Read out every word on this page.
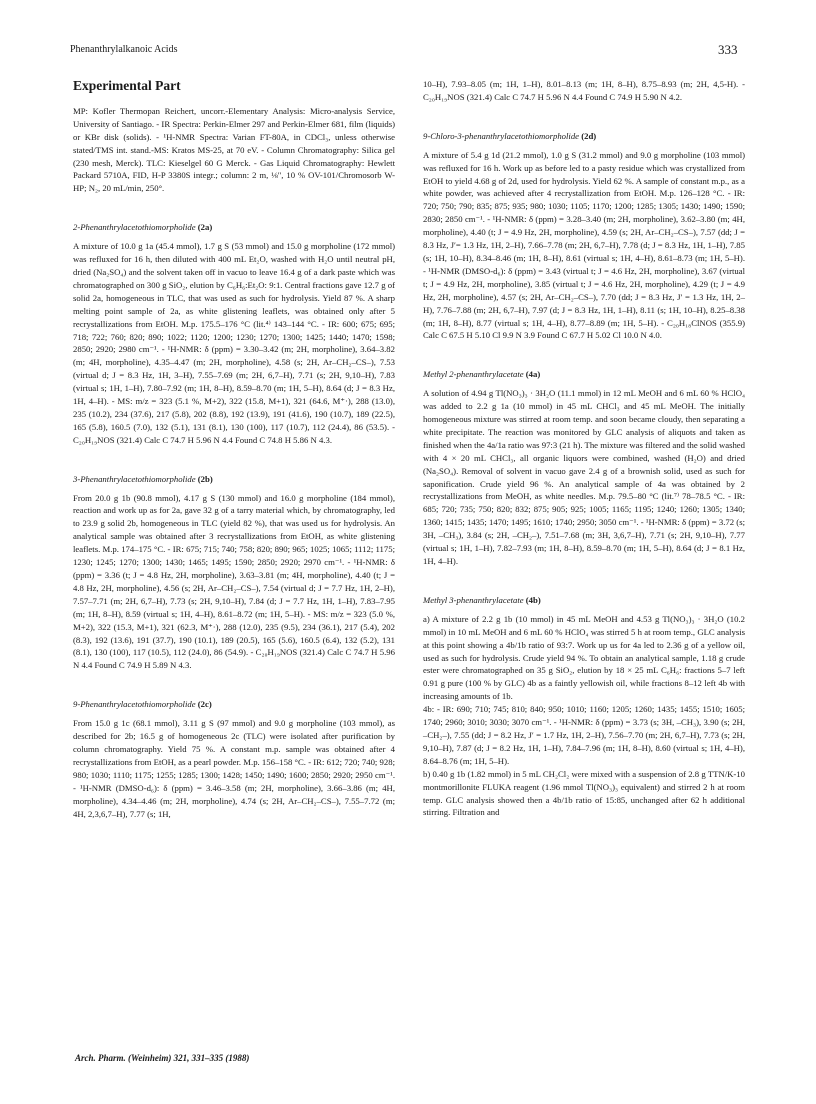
Phenanthrylalkanoic Acids	333
Experimental Part

MP: Kofler Thermopan Reichert, uncorr.-Elementary Analysis: Micro-analysis Service, University of Santiago. - IR Spectra: Perkin-Elmer 297 and Perkin-Elmer 681, film (liquids) or KBr disk (solids). - ¹H-NMR Spectra: Varian FT-80A, in CDCl₃, unless otherwise stated/TMS int. stand.-MS: Kratos MS-25, at 70 eV. - Column Chromatography: Silica gel (230 mesh, Merck). TLC: Kieselgel 60 G Merck. - Gas Liquid Chromatography: Hewlett Packard 5710A, FID, H-P 3380S integr.; column: 2 m, ⅛", 10 % OV-101/Chromosorb W-HP; N₂, 20 mL/min, 250°.

2-Phenanthrylacetothiomorpholide (2a)

A mixture of 10.0 g 1a (45.4 mmol), 1.7 g S (53 mmol) and 15.0 g morpholine (172 mmol) was refluxed for 16 h, then diluted with 400 mL Et₂O, washed with H₂O until neutral pH, dried (Na₂SO₄) and the solvent taken off in vacuo to leave 16.4 g of a dark paste which was chromatographed on 300 g SiO₂, elution by C₆H₆:Et₂O: 9:1. Central fractions gave 12.7 g of solid 2a, homogeneous in TLC, that was used as such for hydrolysis. Yield 87 %. A sharp melting point sample of 2a, as white glistening leaflets, was obtained only after 5 recrystallizations from EtOH. M.p. 175.5–176 °C (lit.⁴⁾ 143–144 °C. - IR: 600; 675; 695; 718; 722; 760; 820; 890; 1022; 1120; 1200; 1230; 1270; 1300; 1425; 1440; 1470; 1598; 2850; 2920; 2980 cm⁻¹. - ¹H-NMR: δ (ppm) = 3.30–3.42 (m; 2H, morpholine), 3.64–3.82 (m; 4H, morpholine), 4.35–4.47 (m; 2H, morpholine), 4.58 (s; 2H, Ar–CH₂–CS–), 7.53 (virtual d; J = 8.3 Hz, 1H, 3–H), 7.55–7.69 (m; 2H, 6,7–H), 7.71 (s; 2H, 9,10–H), 7.83 (virtual s; 1H, 1–H), 7.80–7.92 (m; 1H, 8–H), 8.59–8.70 (m; 1H, 5–H), 8.64 (d; J = 8.3 Hz, 1H, 4–H). - MS: m/z = 323 (5.1 %, M+2), 322 (15.8, M+1), 321 (64.6, M⁺·), 288 (13.0), 235 (10.2), 234 (37.6), 217 (5.8), 202 (8.8), 192 (13.9), 191 (41.6), 190 (10.7), 189 (22.5), 165 (5.8), 160.5 (7.0), 132 (5.1), 131 (8.1), 130 (100), 117 (10.7), 112 (24.4), 86 (53.5). - C₂₀H₁₉NOS (321.4) Calc C 74.7 H 5.96 N 4.4 Found C 74.8 H 5.86 N 4.3.

3-Phenanthrylacetothiomorpholide (2b)

From 20.0 g 1b (90.8 mmol), 4.17 g S (130 mmol) and 16.0 g morpholine (184 mmol), reaction and work up as for 2a, gave 32 g of a tarry material which, by chromatography, led to 23.9 g solid 2b, homogeneous in TLC (yield 82 %), that was used us for hydrolysis. An analytical sample was obtained after 3 recrystallizations from EtOH, as white glistening leaflets. M.p. 174–175 °C. - IR: 675; 715; 740; 758; 820; 890; 965; 1025; 1065; 1112; 1175; 1230; 1245; 1270; 1300; 1430; 1465; 1495; 1590; 2850; 2920; 2970 cm⁻¹. - ¹H-NMR: δ (ppm) = 3.36 (t; J = 4.8 Hz, 2H, morpholine), 3.63–3.81 (m; 4H, morpholine), 4.40 (t; J = 4.8 Hz, 2H, morpholine), 4.56 (s; 2H, Ar–CH₂–CS–), 7.54 (virtual d; J = 7.7 Hz, 1H, 2–H), 7.57–7.71 (m; 2H, 6,7–H), 7.73 (s; 2H, 9,10–H), 7.84 (d; J = 7.7 Hz, 1H, 1–H), 7.83–7.95 (m; 1H, 8–H), 8.59 (virtual s; 1H, 4–H), 8.61–8.72 (m; 1H, 5–H). - MS: m/z = 323 (5.0 %, M+2), 322 (15.3, M+1), 321 (62.3, M⁺·), 288 (12.0), 235 (9.5), 234 (36.1), 217 (5.4), 202 (8.3), 192 (13.6), 191 (37.7), 190 (10.1), 189 (20.5), 165 (5.6), 160.5 (6.4), 132 (5.2), 131 (8.1), 130 (100), 117 (10.5), 112 (24.0), 86 (54.9). - C₂₀H₁₉NOS (321.4) Calc C 74.7 H 5.96 N 4.4 Found C 74.9 H 5.89 N 4.3.

9-Phenanthrylacetothiomorpholide (2c)

From 15.0 g 1c (68.1 mmol), 3.11 g S (97 mmol) and 9.0 g morpholine (103 mmol), as described for 2b; 16.5 g of homogeneous 2c (TLC) were isolated after purification by column chromatography. Yield 75 %. A constant m.p. sample was obtained after 4 recrystallizations from EtOH, as a pearl powder. M.p. 156–158 °C. - IR: 612; 720; 740; 928; 980; 1030; 1110; 1175; 1255; 1285; 1300; 1428; 1450; 1490; 1600; 2850; 2920; 2950 cm⁻¹. - ¹H-NMR (DMSO-d₆): δ (ppm) = 3.46–3.58 (m; 2H, morpholine), 3.66–3.86 (m; 4H, morpholine), 4.34–4.46 (m; 2H, morpholine), 4.74 (s; 2H, Ar–CH₂–CS–), 7.55–7.72 (m; 4H, 2,3,6,7–H), 7.77 (s; 1H,

10–H), 7.93–8.05 (m; 1H, 1–H), 8.01–8.13 (m; 1H, 8–H), 8.75–8.93 (m; 2H, 4,5-H). - C₂₀H₁₉NOS (321.4) Calc C 74.7 H 5.96 N 4.4 Found C 74.9 H 5.90 N 4.2.

9-Chloro-3-phenanthrylacetothiomorpholide (2d)

A mixture of 5.4 g 1d (21.2 mmol), 1.0 g S (31.2 mmol) and 9.0 g morpholine (103 mmol) was refluxed for 16 h. Work up as before led to a pasty residue which was crystallized from EtOH to yield 4.68 g of 2d, used for hydrolysis. Yield 62 %. A sample of constant m.p., as a white powder, was achieved after 4 recrystallization from EtOH. M.p. 126–128 °C. - IR: 720; 750; 790; 835; 875; 935; 980; 1030; 1105; 1170; 1200; 1285; 1305; 1430; 1490; 1590; 2830; 2850 cm⁻¹. - ¹H-NMR: δ (ppm) = 3.28–3.40 (m; 2H, morpholine), 3.62–3.80 (m; 4H, morpholine), 4.40 (t; J = 4.9 Hz, 2H, morpholine), 4.59 (s; 2H, Ar–CH₂–CS–), 7.57 (dd; J = 8.3 Hz, J′= 1.3 Hz, 1H, 2–H), 7.66–7.78 (m; 2H, 6,7–H), 7.78 (d; J = 8.3 Hz, 1H, 1–H), 7.85 (s; 1H, 10–H), 8.34–8.46 (m; 1H, 8–H), 8.61 (virtual s; 1H, 4–H), 8.61–8.73 (m; 1H, 5–H). - ¹H-NMR (DMSO-d₆): δ (ppm) = 3.43 (virtual t; J = 4.6 Hz, 2H, morpholine), 3.67 (virtual t; J = 4.9 Hz, 2H, morpholine), 3.85 (virtual t; J = 4.6 Hz, 2H, morpholine), 4.29 (t; J = 4.9 Hz, 2H, morpholine), 4.57 (s; 2H, Ar–CH₂–CS–), 7.70 (dd; J = 8.3 Hz, J′ = 1.3 Hz, 1H, 2–H), 7.76–7.88 (m; 2H, 6,7–H), 7.97 (d; J = 8.3 Hz, 1H, 1–H), 8.11 (s; 1H, 10–H), 8.25–8.38 (m; 1H, 8–H), 8.77 (virtual s; 1H, 4–H), 8.77–8.89 (m; 1H, 5–H). - C₂₀H₁₈ClNOS (355.9) Calc C 67.5 H 5.10 Cl 9.9 N 3.9 Found C 67.7 H 5.02 Cl 10.0 N 4.0.

Methyl 2-phenanthrylacetate (4a)

A solution of 4.94 g Tl(NO₃)₃ · 3H₂O (11.1 mmol) in 12 mL MeOH and 6 mL 60 % HClO₄ was added to 2.2 g 1a (10 mmol) in 45 mL CHCl₃ and 45 mL MeOH. The initially homogeneous mixture was stirred at room temp. and soon became cloudy, then separating a white precipitate. The reaction was monitored by GLC analysis of aliquots and taken as finished when the 4a/1a ratio was 97:3 (21 h). The mixture was filtered and the solid washed with 4 × 20 mL CHCl₃, all organic liquors were combined, washed (H₂O) and dried (Na₂SO₄). Removal of solvent in vacuo gave 2.4 g of a brownish solid, used as such for saponification. Crude yield 96 %. An analytical sample of 4a was obtained by 2 recrystallizations from MeOH, as white needles. M.p. 79.5–80 °C (lit.⁷⁾ 78–78.5 °C. - IR: 685; 720; 735; 750; 820; 832; 875; 905; 925; 1005; 1165; 1195; 1240; 1260; 1305; 1340; 1360; 1415; 1435; 1470; 1495; 1610; 1740; 2950; 3050 cm⁻¹. - ¹H-NMR: δ (ppm) = 3.72 (s; 3H, –CH₃), 3.84 (s; 2H, –CH₂–), 7.51–7.68 (m; 3H, 3,6,7–H), 7.71 (s; 2H, 9,10–H), 7.77 (virtual s; 1H, 1–H), 7.82–7.93 (m; 1H, 8–H), 8.59–8.70 (m; 1H, 5–H), 8.64 (d; J = 8.1 Hz, 1H, 4–H).

Methyl 3-phenanthrylacetate (4b)

a) A mixture of 2.2 g 1b (10 mmol) in 45 mL MeOH and 4.53 g Tl(NO₃)₃ · 3H₂O (10.2 mmol) in 10 mL MeOH and 6 mL 60 % HClO₄ was stirred 5 h at room temp., GLC analysis at this point showing a 4b/1b ratio of 93:7. Work up us for 4a led to 2.36 g of a yellow oil, used as such for hydrolysis. Crude yield 94 %. To obtain an analytical sample, 1.18 g crude ester were chromatographed on 35 g SiO₂, elution by 18 × 25 mL C₆H₆: fractions 5–7 left 0.91 g pure (100 % by GLC) 4b as a faintly yellowish oil, while fractions 8–12 left 4b with increasing amounts of 1b.

4b: - IR: 690; 710; 745; 810; 840; 950; 1010; 1160; 1205; 1260; 1435; 1455; 1510; 1605; 1740; 2960; 3010; 3030; 3070 cm⁻¹. - ¹H-NMR: δ (ppm) = 3.73 (s; 3H, –CH₃), 3.90 (s; 2H, –CH₂–), 7.55 (dd; J = 8.2 Hz, J′ = 1.7 Hz, 1H, 2–H), 7.56–7.70 (m; 2H, 6,7–H), 7.73 (s; 2H, 9,10–H), 7.87 (d; J = 8.2 Hz, 1H, 1–H), 7.84–7.96 (m; 1H, 8–H), 8.60 (virtual s; 1H, 4–H), 8.64–8.76 (m; 1H, 5–H).

b) 0.40 g 1b (1.82 mmol) in 5 mL CH₂Cl₂ were mixed with a suspension of 2.8 g TTN/K-10 montmorillonite FLUKA reagent (1.96 mmol Tl(NO₃)₃ equivalent) and stirred 2 h at room temp. GLC analysis showed then a 4b/1b ratio of 15:85, unchanged after 62 h additional stirring. Filtration and

Arch. Pharm. (Weinheim) 321, 331–335 (1988)
